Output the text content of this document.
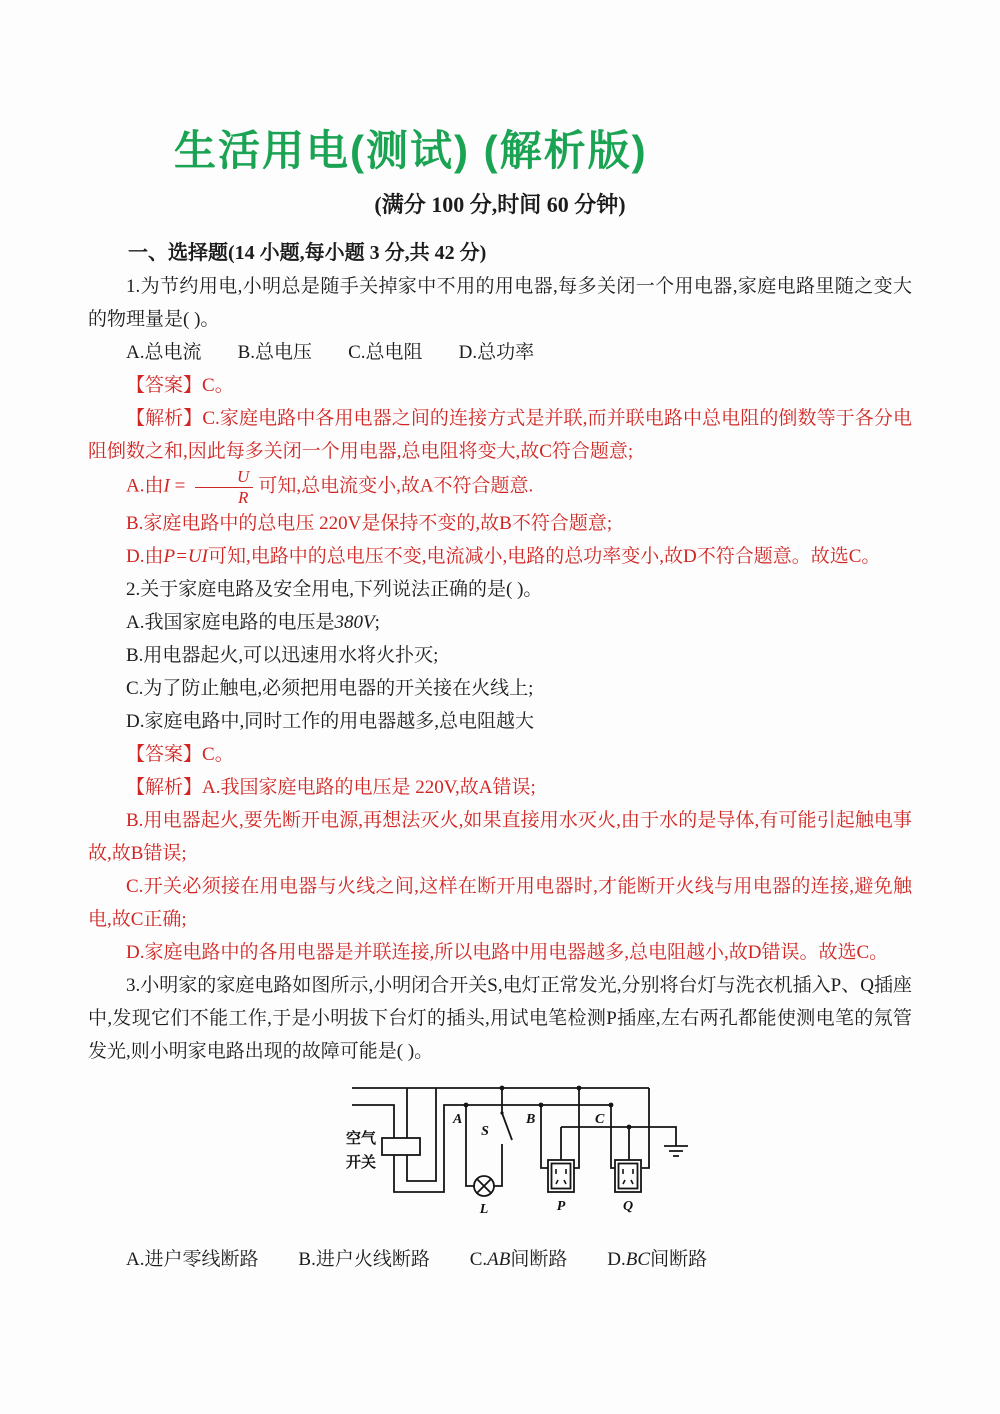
生活用电(测试) (解析版)
(满分 100 分,时间 60 分钟)
一、选择题(14 小题,每小题 3 分,共 42 分)

1.为节约用电,小明总是随手关掉家中不用的用电器,每多关闭一个用电器,家庭电路里随之变大的物理量是( )。

A.总电流 B.总电压 C.总电阻 D.总功率

【答案】C。

【解析】C.家庭电路中各用电器之间的连接方式是并联,而并联电路中总电阻的倒数等于各分电阻倒数之和,因此每多关闭一个用电器,总电阻将变大,故C符合题意;

A.由$I = \frac{U}{R}$ 可知,总电流变小,故A不符合题意.

B.家庭电路中的总电压 220V是保持不变的,故B不符合题意;

D.由P=UI可知,电路中的总电压不变,电流减小,电路的总功率变小,故D不符合题意。故选C。

2.关于家庭电路及安全用电,下列说法正确的是( )。

A.我国家庭电路的电压是380V;

B.用电器起火,可以迅速用水将火扑灭;

C.为了防止触电,必须把用电器的开关接在火线上;

D.家庭电路中,同时工作的用电器越多,总电阻越大

【答案】C。

【解析】A.我国家庭电路的电压是 220V,故A错误;

B.用电器起火,要先断开电源,再想法灭火,如果直接用水灭火,由于水的是导体,有可能引起触电事故,故B错误;

C.开关必须接在用电器与火线之间,这样在断开用电器时,才能断开火线与用电器的连接,避免触电,故C正确;

D.家庭电路中的各用电器是并联连接,所以电路中用电器越多,总电阻越小,故D错误。故选C。

3.小明家的家庭电路如图所示,小明闭合开关S,电灯正常发光,分别将台灯与洗衣机插入P、Q插座中,发现它们不能工作,于是小明拔下台灯的插头,用试电笔检测P插座,左右两孔都能使测电笔的氖管发光,则小明家电路出现的故障可能是( )。

空气
开关
A	B	C
S
L	P	Q

A.进户零线断路 B.进户火线断路 C.AB间断路 D.BC间断路
